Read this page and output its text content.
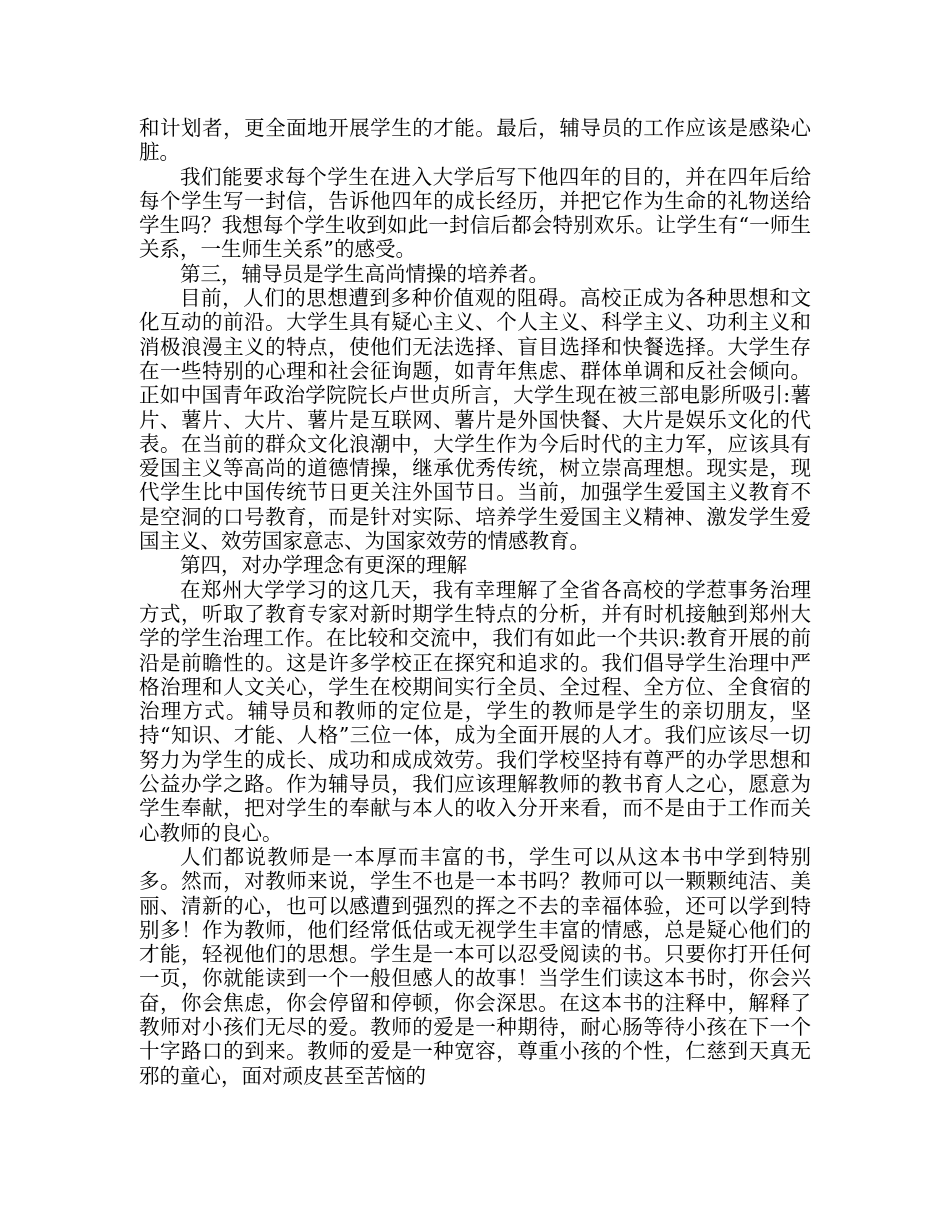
和计划者，更全面地开展学生的才能。最后，辅导员的工作应该是感染心脏。

我们能要求每个学生在进入大学后写下他四年的目的，并在四年后给每个学生写一封信，告诉他四年的成长经历，并把它作为生命的礼物送给学生吗？我想每个学生收到如此一封信后都会特别欢乐。让学生有“一师生关系，一生师生关系”的感受。

第三，辅导员是学生高尚情操的培养者。

目前，人们的思想遭到多种价值观的阻碍。高校正成为各种思想和文化互动的前沿。大学生具有疑心主义、个人主义、科学主义、功利主义和消极浪漫主义的特点，使他们无法选择、盲目选择和快餐选择。大学生存在一些特别的心理和社会征询题，如青年焦虑、群体单调和反社会倾向。正如中国青年政治学院院长卢世贞所言，大学生现在被三部电影所吸引:薯片、薯片、大片、薯片是互联网、薯片是外国快餐、大片是娱乐文化的代表。在当前的群众文化浪潮中，大学生作为今后时代的主力军，应该具有爱国主义等高尚的道德情操，继承优秀传统，树立崇高理想。现实是，现代学生比中国传统节日更关注外国节日。当前，加强学生爱国主义教育不是空洞的口号教育，而是针对实际、培养学生爱国主义精神、激发学生爱国主义、效劳国家意志、为国家效劳的情感教育。

第四，对办学理念有更深的理解

在郑州大学学习的这几天，我有幸理解了全省各高校的学惹事务治理方式，听取了教育专家对新时期学生特点的分析，并有时机接触到郑州大学的学生治理工作。在比较和交流中，我们有如此一个共识:教育开展的前沿是前瞻性的。这是许多学校正在探究和追求的。我们倡导学生治理中严格治理和人文关心，学生在校期间实行全员、全过程、全方位、全食宿的治理方式。辅导员和教师的定位是，学生的教师是学生的亲切朋友，坚持“知识、才能、人格”三位一体，成为全面开展的人才。我们应该尽一切努力为学生的成长、成功和成成效劳。我们学校坚持有尊严的办学思想和公益办学之路。作为辅导员，我们应该理解教师的教书育人之心，愿意为学生奉献，把对学生的奉献与本人的收入分开来看，而不是由于工作而关心教师的良心。

人们都说教师是一本厚而丰富的书，学生可以从这本书中学到特别多。然而，对教师来说，学生不也是一本书吗？教师可以一颗颗纯洁、美丽、清新的心，也可以感遭到强烈的挥之不去的幸福体验，还可以学到特别多！作为教师，他们经常低估或无视学生丰富的情感，总是疑心他们的才能，轻视他们的思想。学生是一本可以忍受阅读的书。只要你打开任何一页，你就能读到一个一般但感人的故事！当学生们读这本书时，你会兴奋，你会焦虑，你会停留和停顿，你会深思。在这本书的注释中，解释了教师对小孩们无尽的爱。教师的爱是一种期待，耐心肠等待小孩在下一个十字路口的到来。教师的爱是一种宽容，尊重小孩的个性，仁慈到天真无邪的童心，面对顽皮甚至苦恼的
